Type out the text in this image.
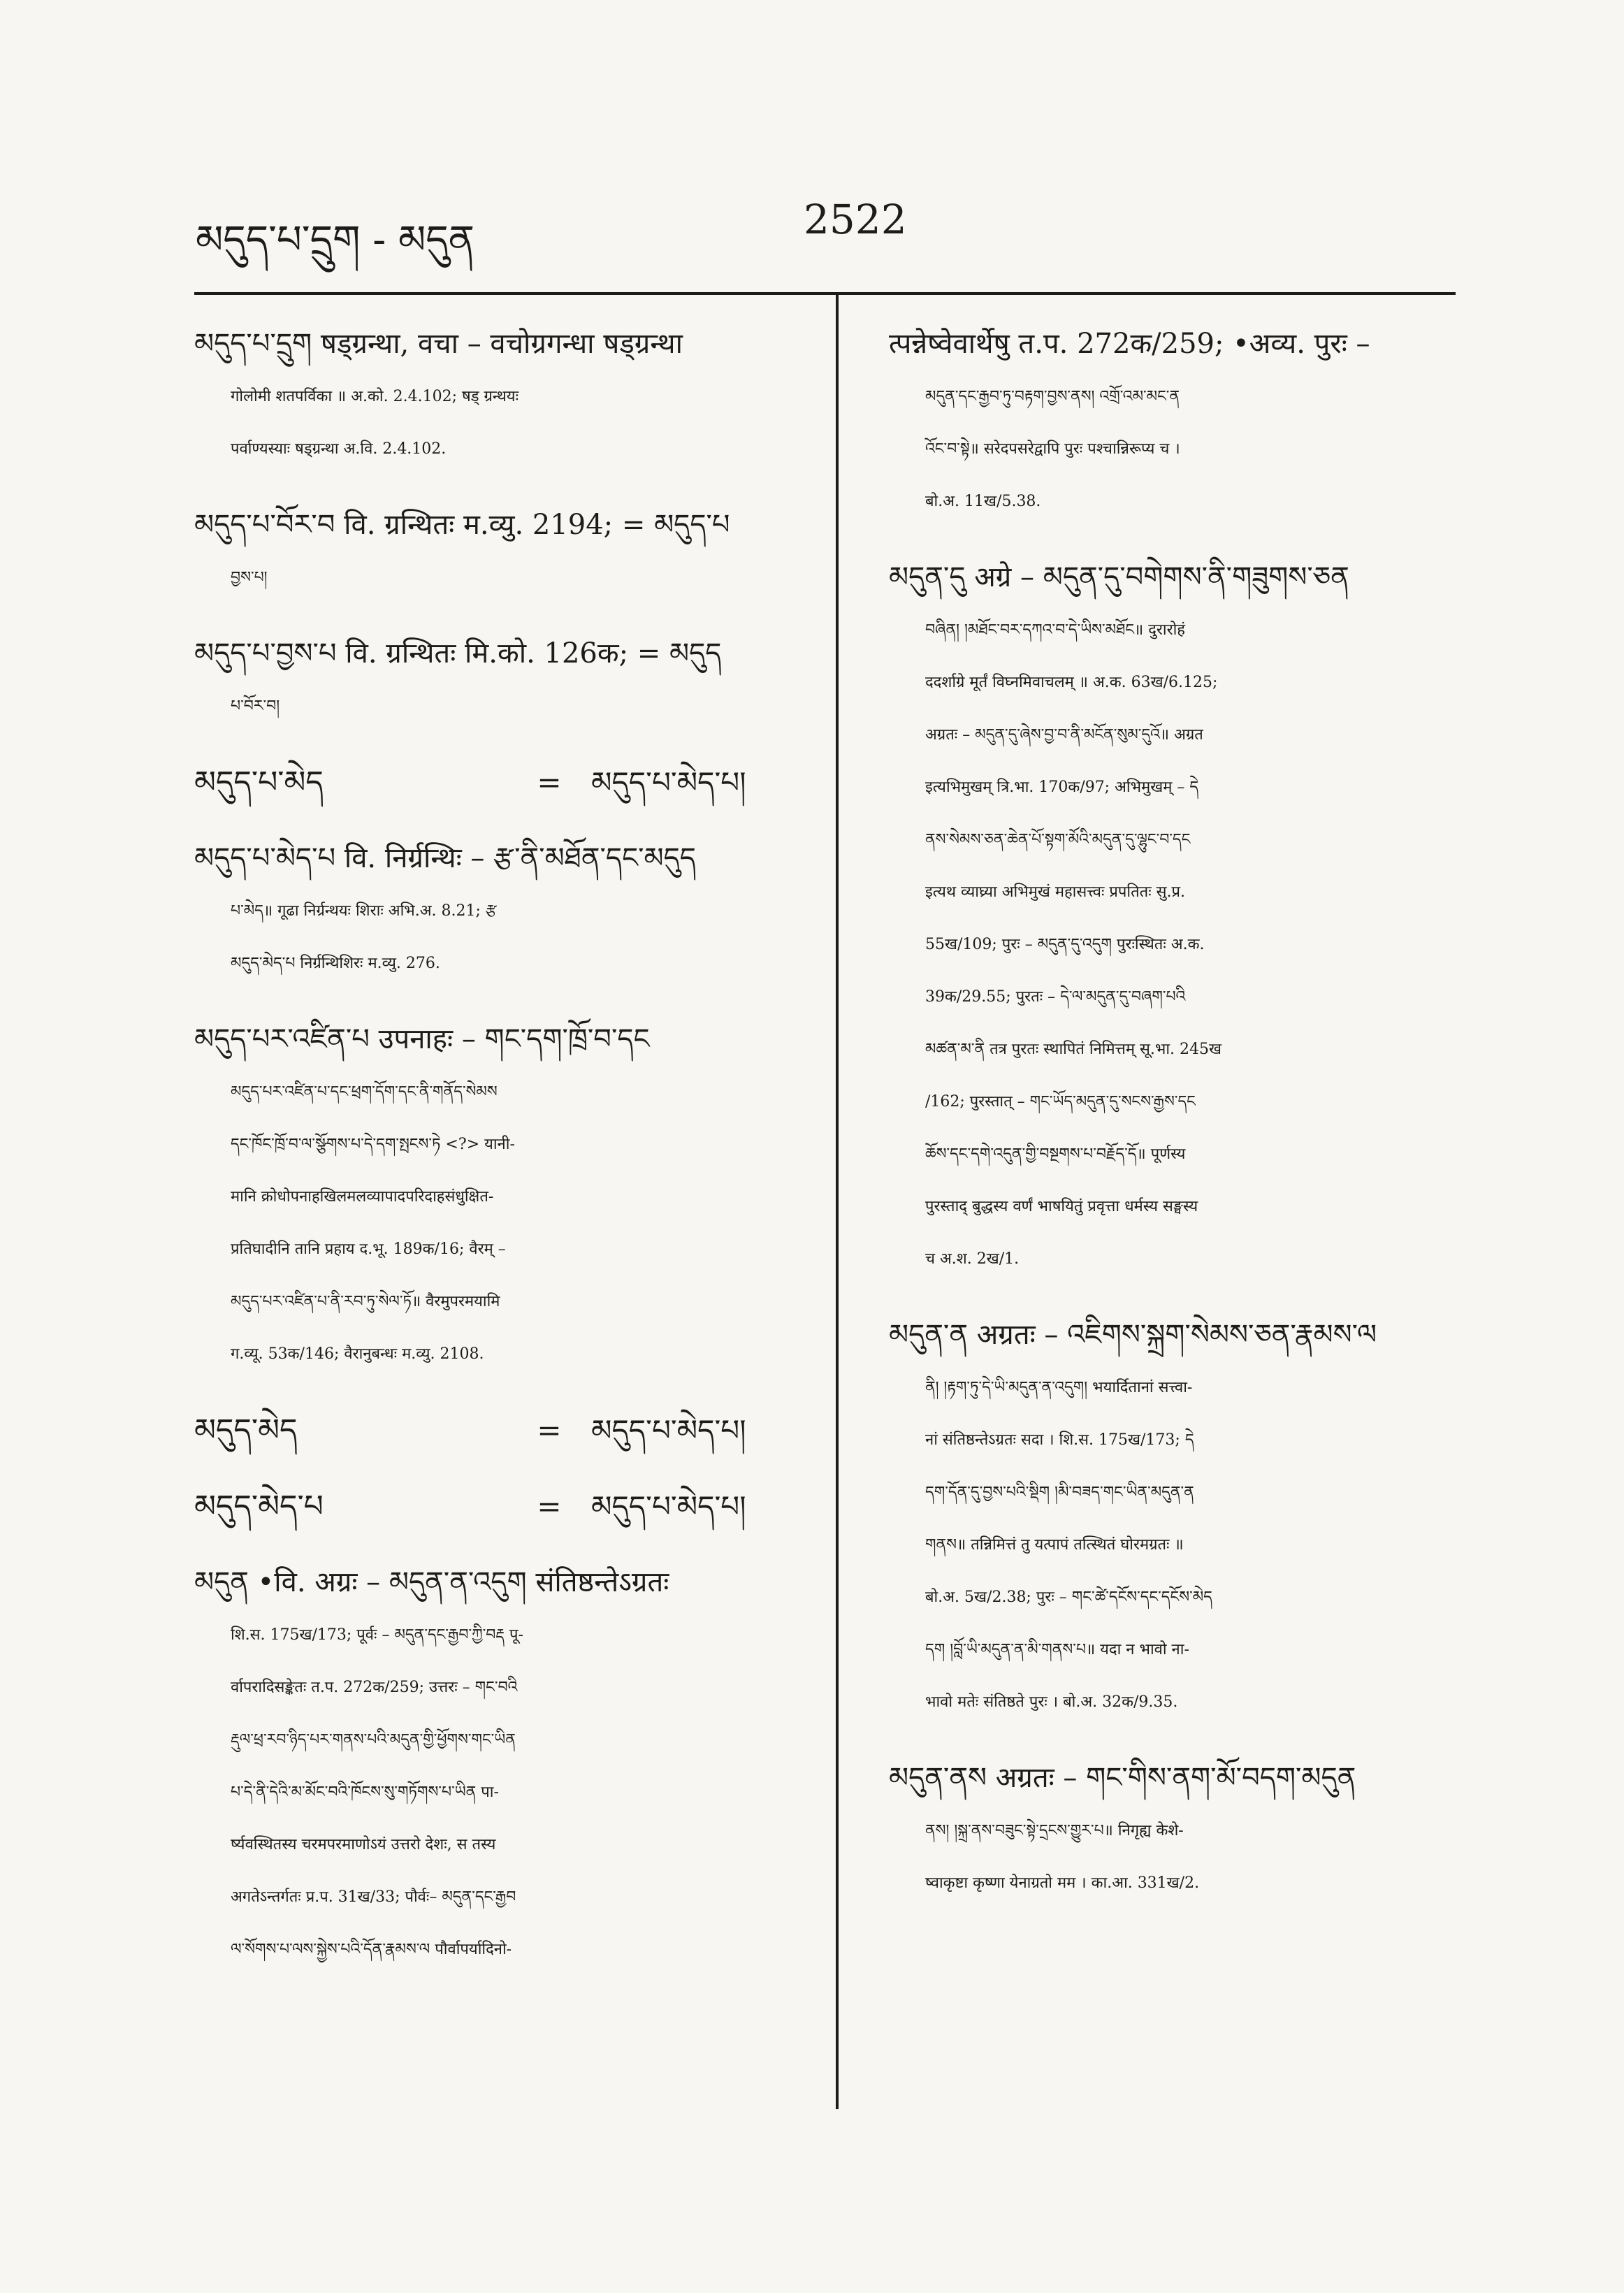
མདུད་པ་དྲུག - མདུན	2522
མདུད་པ་དྲུག षड्ग्रन्था, वचा – वचोग्रगन्धा षड्ग्रन्था
गोलोमी शतपर्विका ॥ अ.को. 2.4.102; षड् ग्रन्थयः
पर्वाण्यस्याः षड्ग्रन्था अ.वि. 2.4.102.
མདུད་པ་བོར་བ वि. ग्रन्थितः म.व्यु. 2194; = མདུད་པ
བྱས་པ།
མདུད་པ་བྱས་པ वि. ग्रन्थितः मि.को. 126क; = མདུད
པ་བོར་བ།
མདུད་པ་མེད	= མདུད་པ་མེད་པ།
མདུད་པ་མེད་པ वि. निर्ग्रन्थिः – རྩ་ནི་མཐོན་དང་མདུད
པ་མེད॥ गूढा निर्ग्रन्थयः शिराः अभि.अ. 8.21; རྩ
མདུད་མེད་པ निर्ग्रन्थिशिरः म.व्यु. 276.
མདུད་པར་འཛིན་པ उपनाहः – གང་དག་ཁྲོ་བ་དང
མདུད་པར་འཛིན་པ་དང་ཕྲག་དོག་དང་ནི་གནོད་སེམས
དང་ཁོང་ཁྲོ་བ་ལ་སྩོགས་པ་དེ་དག་སྤངས་ཏེ <?> यानी-
मानि क्रोधोपनाहखिलमलव्यापादपरिदाहसंधुक्षित-
प्रतिघादीनि तानि प्रहाय द.भू. 189क/16; वैरम् –
མདུད་པར་འཛིན་པ་ནི་རབ་ཏུ་སེལ་ཏོ॥ वैरमुपरमयामि
ग.व्यू. 53क/146; वैरानुबन्धः म.व्यु. 2108.
མདུད་མེད	= མདུད་པ་མེད་པ།
མདུད་མེད་པ	= མདུད་པ་མེད་པ།
མདུན •वि. अग्रः – མདུན་ན་འདུག संतिष्ठन्तेऽग्रतः
शि.स. 175ख/173; पूर्वः – མདུན་དང་རྒྱབ་ཀྱི་བརྡ पू-
र्वापरादिसङ्केतः त.प. 272क/259; उत्तरः – གང་བའི
རྡུལ་ཕྲ་རབ་ཉིད་པར་གནས་པའི་མདུན་གྱི་ཕྱོགས་གང་ཡིན
པ་དེ་ནི་དེའི་མ་མོང་བའི་ཁོངས་སུ་གཏོགས་པ་ཡིན पा-
र्ष्यवस्थितस्य चरमपरमाणोऽयं उत्तरो देशः, स तस्य
अगतेऽन्तर्गतः प्र.प. 31ख/33; पौर्वः– མདུན་དང་རྒྱབ
ལ་སོགས་པ་ལས་སྐྱེས་པའི་དོན་རྣམས་ལ पौर्वापर्यादिनो-
त्पन्नेष्वेवार्थेषु त.प. 272क/259; •अव्य. पुरः –
མདུན་དང་རྒྱབ་ཏུ་བརྟག་བྱས་ནས། འགྲོ་འམ་མང་ན
འོང་བ་སྟེ॥ सरेदपसरेद्वापि पुरः पश्चान्निरूप्य च ।
बो.अ. 11ख/5.38.
མདུན་དུ अग्रे – མདུན་དུ་བགེགས་ནི་གཟུགས་ཅན
བཞིན། །མཐོང་བར་དཀའ་བ་དེ་ཡིས་མཐོང॥ दुरारोहं
ददर्शाग्रे मूर्तं विघ्नमिवाचलम् ॥ अ.क. 63ख/6.125;
अग्रतः – མདུན་དུ་ཞེས་བྱ་བ་ནི་མངོན་སུམ་དུའོ॥ अग्रत
इत्यभिमुखम् त्रि.भा. 170क/97; अभिमुखम् – དེ
ནས་སེམས་ཅན་ཆེན་པོ་སྟག་མོའི་མདུན་དུ་ལྷུང་བ་དང
इत्यथ व्याघ्र्या अभिमुखं महासत्त्वः प्रपतितः सु.प्र.
55ख/109; पुरः – མདུན་དུ་འདུག पुरःस्थितः अ.क.
39क/29.55; पुरतः – དེ་ལ་མདུན་དུ་བཞག་པའི
མཚན་མ་ནི तत्र पुरतः स्थापितं निमित्तम् सू.भा. 245ख
/162; पुरस्तात् – གང་ཡོད་མདུན་དུ་སངས་རྒྱས་དང
ཆོས་དང་དགེ་འདུན་གྱི་བསྔགས་པ་བརྗོད་དོ॥ पूर्णस्य
पुरस्ताद् बुद्धस्य वर्णं भाषयितुं प्रवृत्ता धर्मस्य सङ्घस्य
च अ.श. 2ख/1.
མདུན་ན अग्रतः – འཇིགས་སྐྲག་སེམས་ཅན་རྣམས་ལ
ནི། །རྟག་ཏུ་དེ་ཡི་མདུན་ན་འདུག། भयार्दितानां सत्त्वा-
नां संतिष्ठन्तेऽग्रतः सदा । शि.स. 175ख/173; དེ
དག་དོན་དུ་བྱས་པའི་སྡིག །མི་བཟད་གང་ཡིན་མདུན་ན
གནས॥ तन्निमित्तं तु यत्पापं तत्स्थितं घोरमग्रतः ॥
बो.अ. 5ख/2.38; पुरः – གང་ཚེ་དངོས་དང་དངོས་མེད
དག །བློ་ཡི་མདུན་ན་མི་གནས་པ॥ यदा न भावो ना-
भावो मतेः संतिष्ठते पुरः । बो.अ. 32क/9.35.
མདུན་ནས अग्रतः – གང་གིས་ནག་མོ་བདག་མདུན
ནས། །སྐྲ་ནས་བཟུང་སྟེ་དྲངས་གྱུར་པ॥ निगृह्य केशे-
ष्वाकृष्टा कृष्णा येनाग्रतो मम । का.आ. 331ख/2.
